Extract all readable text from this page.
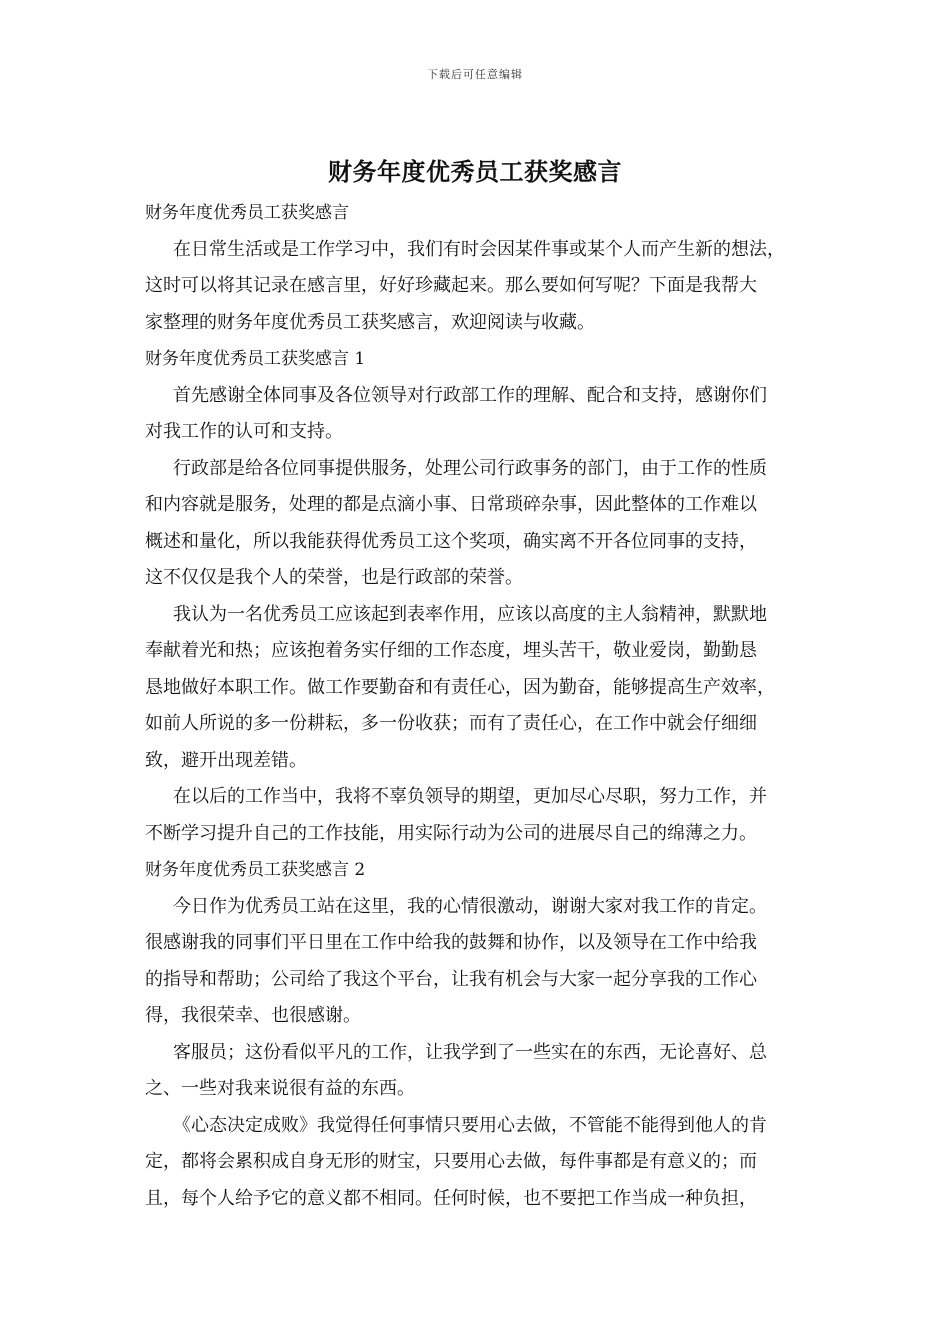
下载后可任意编辑
财务年度优秀员工获奖感言
财务年度优秀员工获奖感言
在日常生活或是工作学习中，我们有时会因某件事或某个人而产生新的想法，
这时可以将其记录在感言里，好好珍藏起来。那么要如何写呢？下面是我帮大
家整理的财务年度优秀员工获奖感言，欢迎阅读与收藏。
财务年度优秀员工获奖感言 1
首先感谢全体同事及各位领导对行政部工作的理解、配合和支持，感谢你们
对我工作的认可和支持。
行政部是给各位同事提供服务，处理公司行政事务的部门，由于工作的性质
和内容就是服务，处理的都是点滴小事、日常琐碎杂事，因此整体的工作难以
概述和量化，所以我能获得优秀员工这个奖项，确实离不开各位同事的支持，
这不仅仅是我个人的荣誉，也是行政部的荣誉。
我认为一名优秀员工应该起到表率作用，应该以高度的主人翁精神，默默地
奉献着光和热；应该抱着务实仔细的工作态度，埋头苦干，敬业爱岗，勤勤恳
恳地做好本职工作。做工作要勤奋和有责任心，因为勤奋，能够提高生产效率，
如前人所说的多一份耕耘，多一份收获；而有了责任心，在工作中就会仔细细
致，避开出现差错。
在以后的工作当中，我将不辜负领导的期望，更加尽心尽职，努力工作，并
不断学习提升自己的工作技能，用实际行动为公司的进展尽自己的绵薄之力。
财务年度优秀员工获奖感言 2
今日作为优秀员工站在这里，我的心情很激动，谢谢大家对我工作的肯定。
很感谢我的同事们平日里在工作中给我的鼓舞和协作，以及领导在工作中给我
的指导和帮助；公司给了我这个平台，让我有机会与大家一起分享我的工作心
得，我很荣幸、也很感谢。
客服员；这份看似平凡的工作，让我学到了一些实在的东西，无论喜好、总
之、一些对我来说很有益的东西。
《心态决定成败》我觉得任何事情只要用心去做，不管能不能得到他人的肯
定，都将会累积成自身无形的财宝，只要用心去做，每件事都是有意义的；而
且，每个人给予它的意义都不相同。任何时候，也不要把工作当成一种负担，
